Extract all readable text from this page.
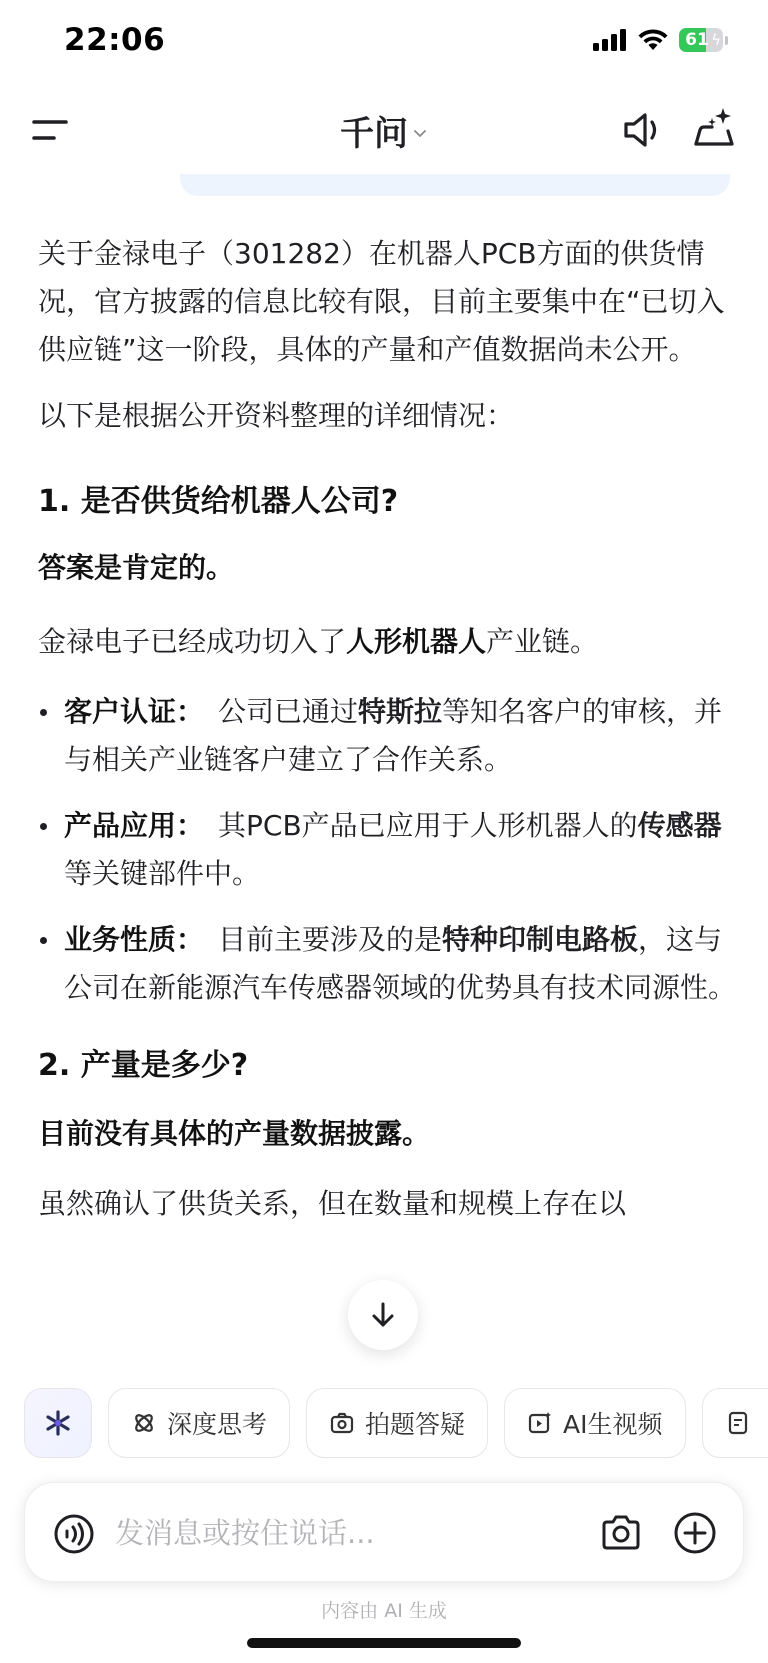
22:06	61 ϟ
千问

关于金禄电子（301282）在机器人PCB方面的供货情况，官方披露的信息比较有限，目前主要集中在“已切入供应链”这一阶段，具体的产量和产值数据尚未公开。

以下是根据公开资料整理的详细情况：

1. 是否供货给机器人公司?

答案是肯定的。

金禄电子已经成功切入了人形机器人产业链。

客户认证： 公司已通过特斯拉等知名客户的审核，并与相关产业链客户建立了合作关系。
产品应用： 其PCB产品已应用于人形机器人的传感器等关键部件中。
业务性质： 目前主要涉及的是特种印制电路板，这与公司在新能源汽车传感器领域的优势具有技术同源性。
2. 产量是多少?

目前没有具体的产量数据披露。

虽然确认了供货关系，但在数量和规模上存在以

深度思考	拍题答疑	AI生视频
发消息或按住说话...
内容由 AI 生成
